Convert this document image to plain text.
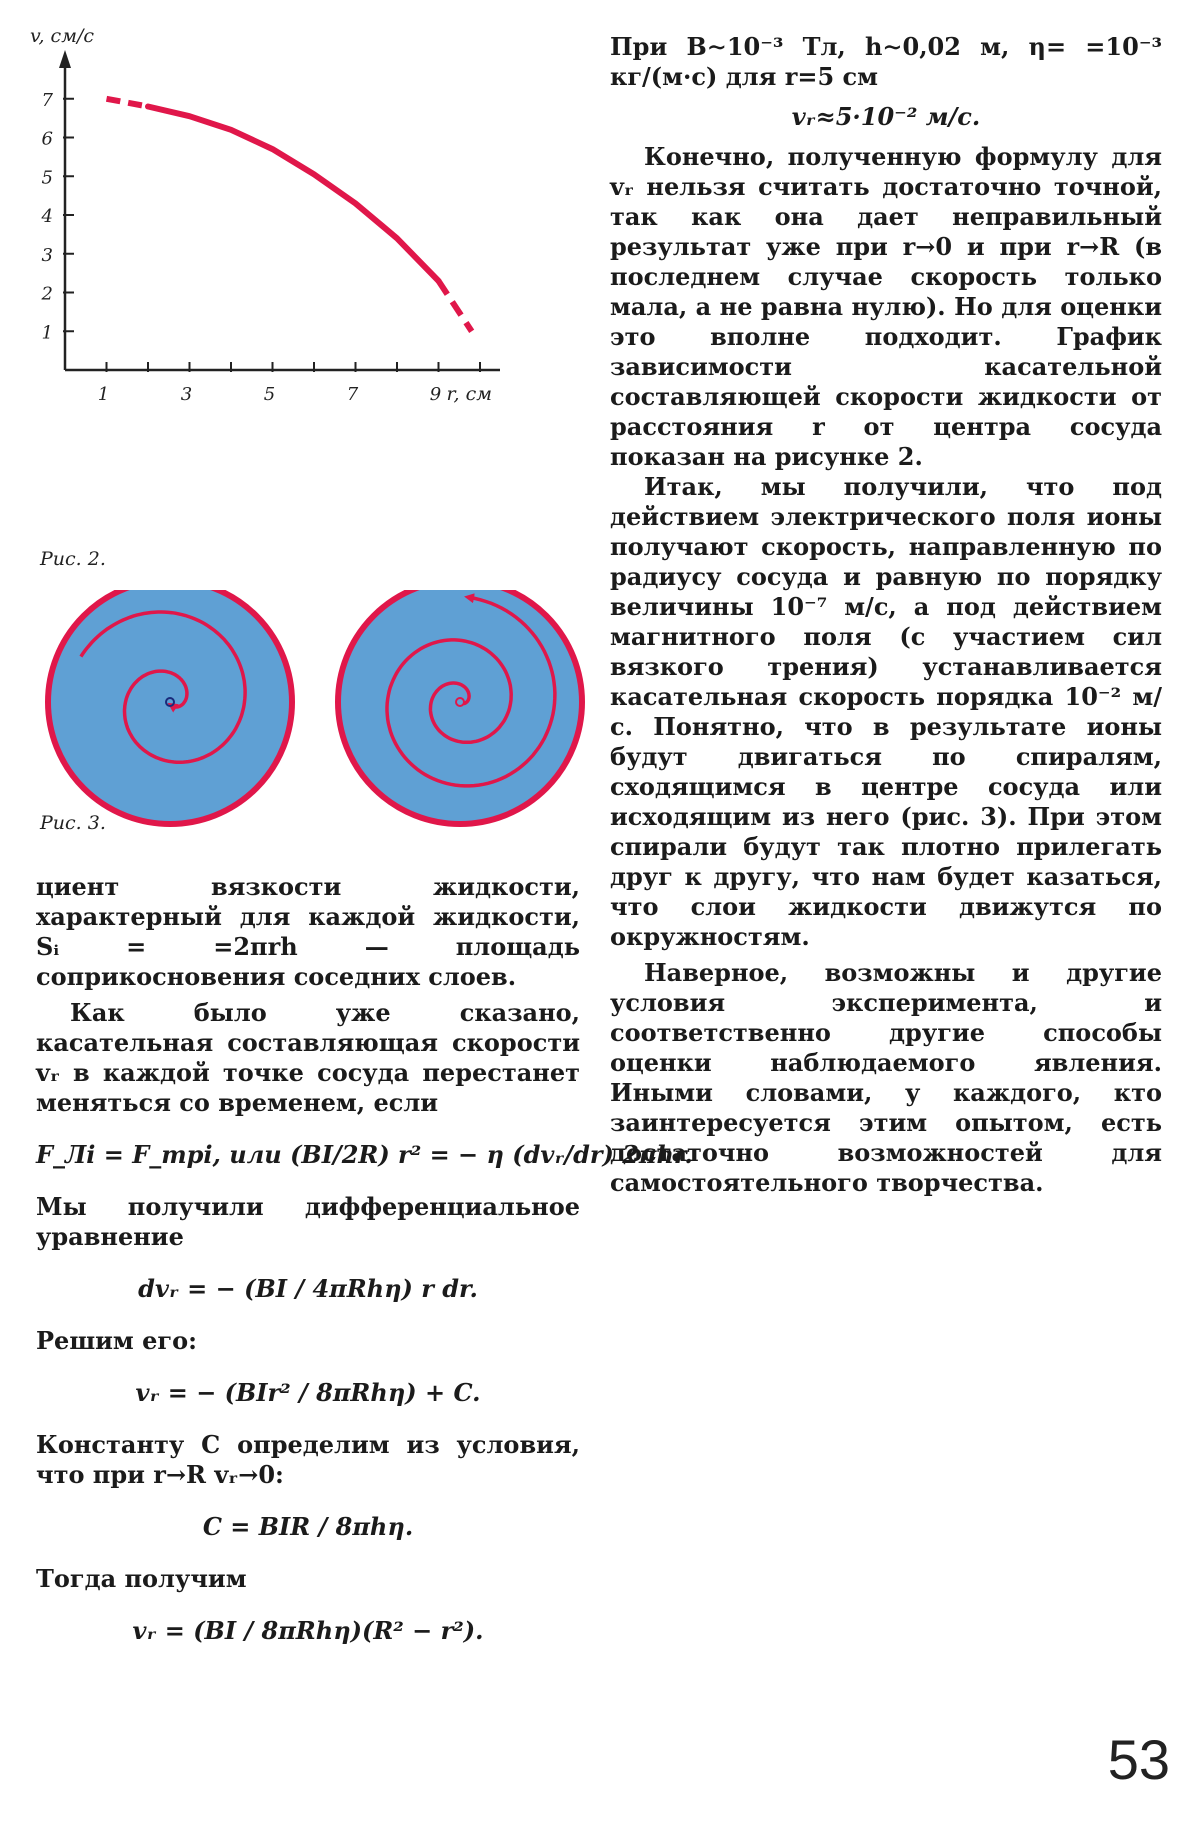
1
2
3
4
5
6
7
1	3	5	7	9
v, см/с
r, см
Рис. 2.
Рис. 3.

циент вязкости жидкости, характерный для каждой жидкости, Sᵢ = =2πrh — площадь соприкосновения соседних слоев.

Как было уже сказано, касательная составляющая скорости vᵣ в каждой точке сосуда перестанет меняться со временем, если

F_Лi = F_трi, или (BI/2R) r² = − η (dvᵣ/dr) 2πhr.

Мы получили дифференциальное уравнение

dvᵣ = − (BI / 4πRhη) r dr.

Решим его:

vᵣ = − (BIr² / 8πRhη) + C.

Константу C определим из условия, что при r→R vᵣ→0:

C = BIR / 8πhη.

Тогда получим

vᵣ = (BI / 8πRhη)(R² − r²).

При B∼10⁻³ Тл, h∼0,02 м, η= =10⁻³ кг/(м·с) для r=5 см

vᵣ≈5·10⁻² м/с.

Конечно, полученную формулу для vᵣ нельзя считать достаточно точной, так как она дает неправильный результат уже при r→0 и при r→R (в последнем случае скорость только мала, а не равна нулю). Но для оценки это вполне подходит. График зависимости касательной составляющей скорости жидкости от расстояния r от центра сосуда показан на рисунке 2.

Итак, мы получили, что под действием электрического поля ионы получают скорость, направленную по радиусу сосуда и равную по порядку величины 10⁻⁷ м/с, а под действием магнитного поля (с участием сил вязкого трения) устанавливается касательная скорость порядка 10⁻² м/с. Понятно, что в результате ионы будут двигаться по спиралям, сходящимся в центре сосуда или исходящим из него (рис. 3). При этом спирали будут так плотно прилегать друг к другу, что нам будет казаться, что слои жидкости движутся по окружностям.

Наверное, возможны и другие условия эксперимента, и соответственно другие способы оценки наблюдаемого явления. Иными словами, у каждого, кто заинтересуется этим опытом, есть достаточно возможностей для самостоятельного творчества.

53
